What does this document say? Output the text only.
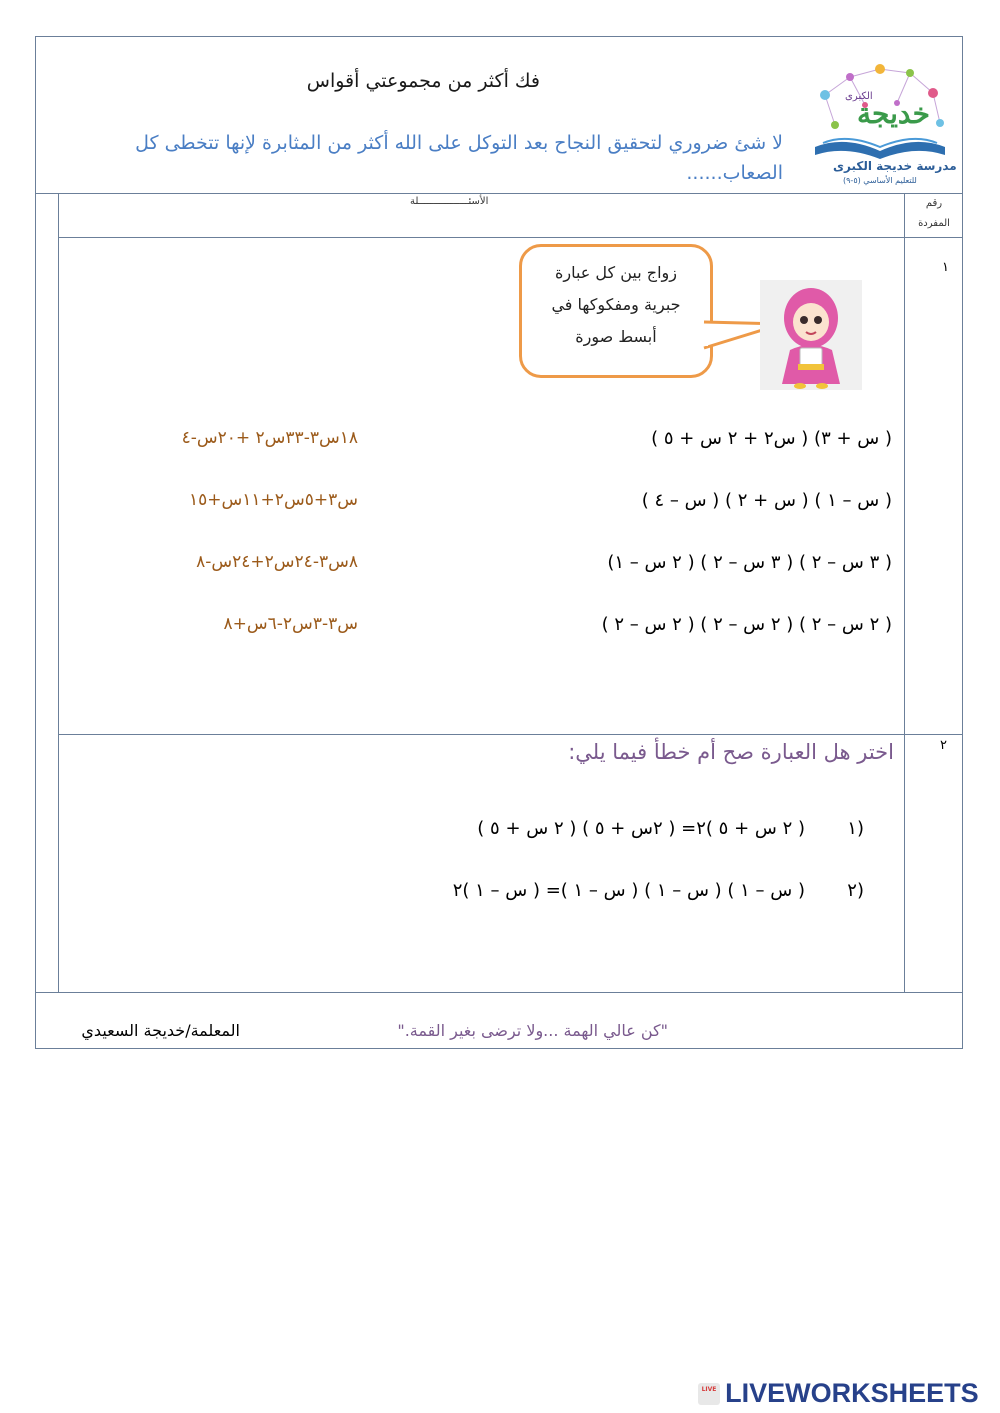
فك أكثر من مجموعتي أقواس
لا شئ ضروري لتحقيق النجاح بعد التوكل على الله أكثر من المثابرة لإنها تتخطى كل الصعاب......
الكبرى
خديجة
مدرسة خديجة الكبرى
للتعليم الأساسي (٥-٩)
الأسئـــــــــــــــــلة	رقم المفردة
١
زواج بين كل عبارة جبرية ومفكوكها في أبسط صورة
( س + ٣) ( س٢ + ٢ س + ٥ )
( س – ١ ) ( س + ٢ ) ( س – ٤ )
( ٣ س – ٢ ) ( ٣ س – ٢ ) ( ٢ س – ١)
( ٢ س – ٢ ) ( ٢ س – ٢ ) ( ٢ س – ٢ )
١٨س٣-٣٣س٢ +٢٠س-٤
س٣+٥س٢+١١س+١٥
٨س٣-٢٤س٢+٢٤س-٨
س٣-٣س٢-٦س+٨
٢
اختر هل العبارة صح أم خطأ فيما يلي:
١)
( ٢ س + ٥ )٢= ( ٢س + ٥ ) ( ٢ س + ٥ )
٢)
( س – ١ ) ( س – ١ ) ( س – ١ )= ( س – ١ )٢
"كن عالي الهمة ...ولا ترضى بغير القمة."
المعلمة/خديجة السعيدي
LIVE LIVEWORKSHEETS
